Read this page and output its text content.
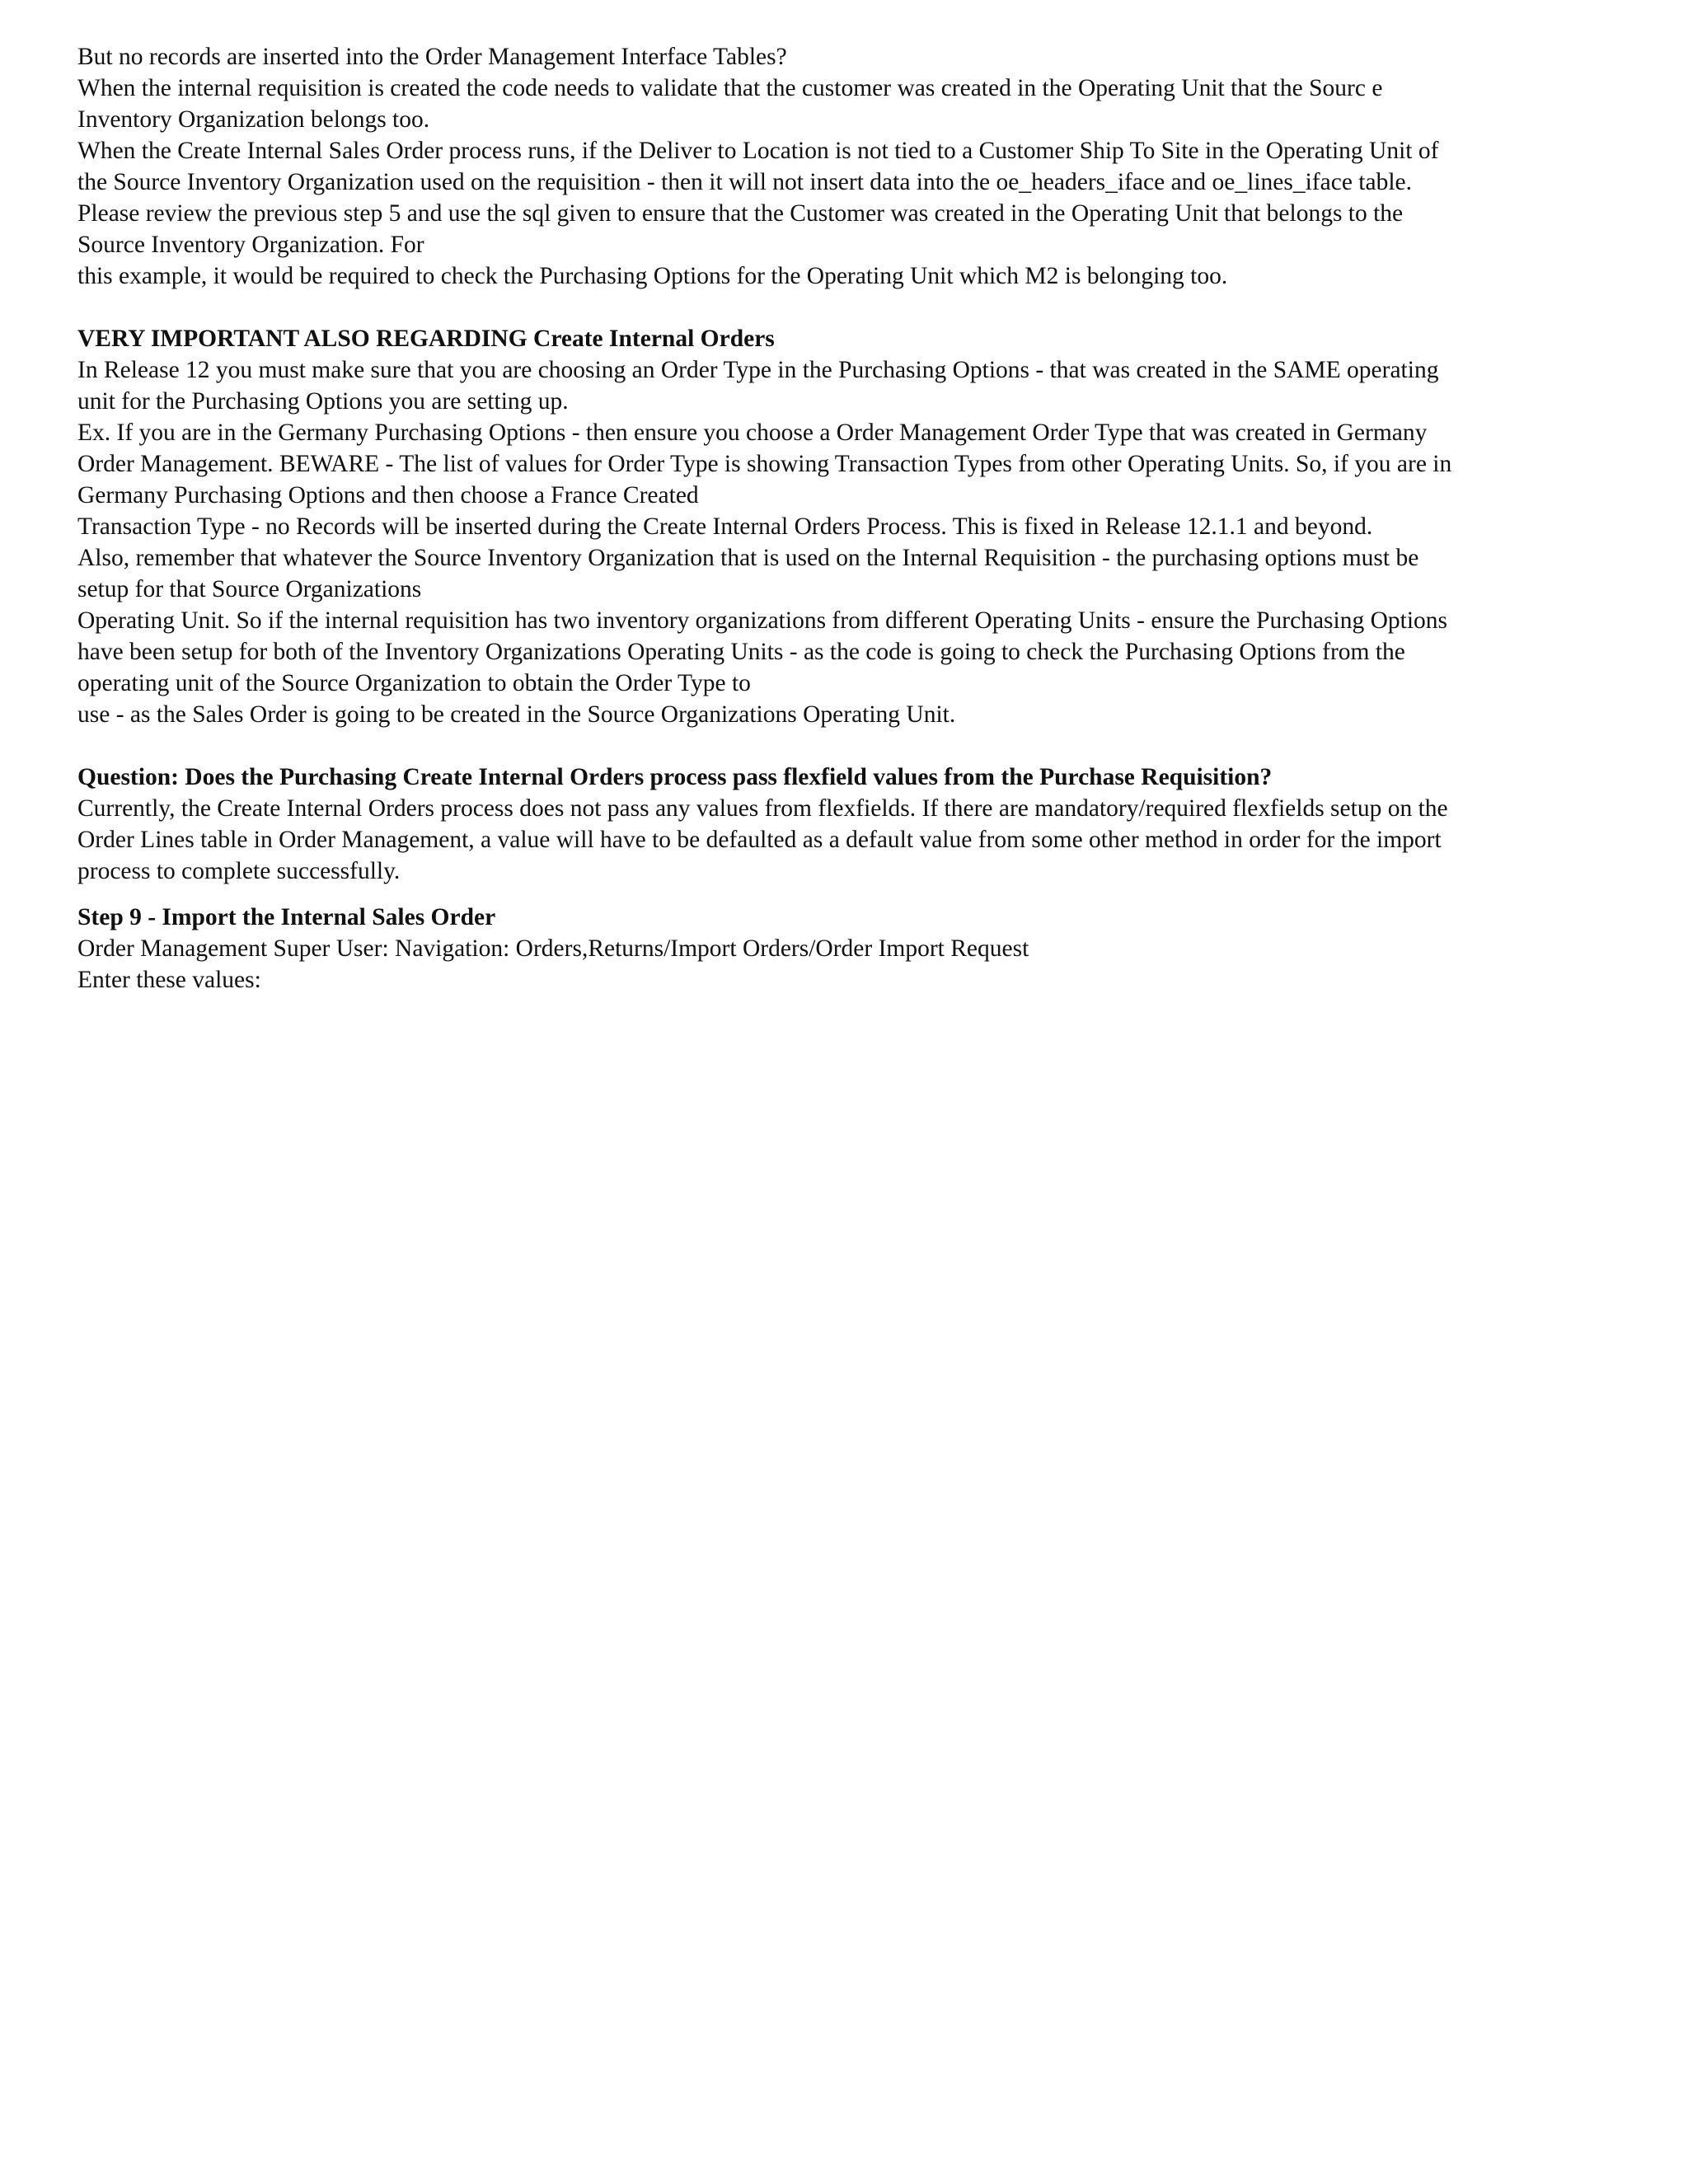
But no records are inserted into the Order Management Interface Tables?
When the internal requisition is created the code needs to validate that the customer was created in the Operating Unit that the Sourc e
Inventory Organization belongs too.
When the Create Internal Sales Order process runs, if the Deliver to Location is not tied to a Customer Ship To Site in the Operating Unit of
the Source Inventory Organization used on the requisition - then it will not insert data into the oe_headers_iface and oe_lines_iface table.
Please review the previous step 5 and use the sql given to ensure that the Customer was created in the Operating Unit that belongs to the
Source Inventory Organization. For
this example, it would be required to check the Purchasing Options for the Operating Unit which M2 is belonging too.
VERY IMPORTANT ALSO REGARDING Create Internal Orders
In Release 12 you must make sure that you are choosing an Order Type in the Purchasing Options - that was created in the SAME operating
unit for the Purchasing Options you are setting up.
Ex. If you are in the Germany Purchasing Options - then ensure you choose a Order Management Order Type that was created in Germany
Order Management. BEWARE - The list of values for Order Type is showing Transaction Types from other Operating Units. So, if you are in
Germany Purchasing Options and then choose a France Created
Transaction Type - no Records will be inserted during the Create Internal Orders Process. This is fixed in Release 12.1.1 and beyond.
Also, remember that whatever the Source Inventory Organization that is used on the Internal Requisition - the purchasing options must be
setup for that Source Organizations
Operating Unit. So if the internal requisition has two inventory organizations from different Operating Units - ensure the Purchasing Options
have been setup for both of the Inventory Organizations Operating Units - as the code is going to check the Purchasing Options from the
operating unit of the Source Organization to obtain the Order Type to
use - as the Sales Order is going to be created in the Source Organizations Operating Unit.
Question: Does the Purchasing Create Internal Orders process pass flexfield values from the Purchase Requisition?
Currently, the Create Internal Orders process does not pass any values from flexfields. If there are mandatory/required flexfields setup on the
Order Lines table in Order Management, a value will have to be defaulted as a default value from some other method in order for the import
process to complete successfully.
Step 9 - Import the Internal Sales Order
Order Management Super User: Navigation: Orders,Returns/Import Orders/Order Import Request
Enter these values:
